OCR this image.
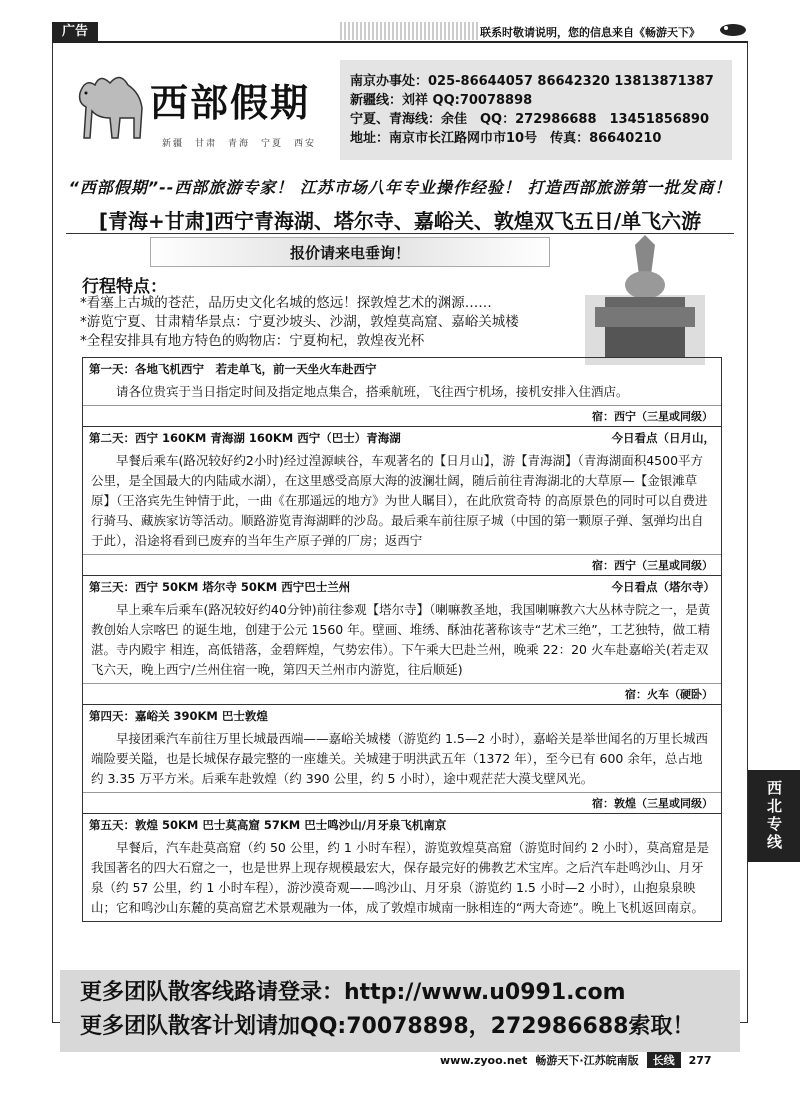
广告	联系时敬请说明，您的信息来自《畅游天下》
西部假期
新疆　甘肃　青海　宁夏　西安
南京办事处：025-86644057 86642320 13813871387
新疆线：刘祥 QQ:70078898
宁夏、青海线：余佳　QQ：272986688　13451856890
地址：南京市长江路网巾市10号　传真：86640210
“西部假期”--西部旅游专家！ 江苏市场八年专业操作经验！ 打造西部旅游第一批发商！
[青海+甘肃]西宁青海湖、塔尔寺、嘉峪关、敦煌双飞五日/单飞六游
报价请来电垂询！
行程特点：
*看塞上古城的苍茫，品历史文化名城的悠远！探敦煌艺术的渊源……
*游览宁夏、甘肃精华景点：宁夏沙坡头、沙湖，敦煌莫高窟、嘉峪关城楼
*全程安排具有地方特色的购物店：宁夏枸杞，敦煌夜光杯
第一天：各地飞机西宁　若走单飞，前一天坐火车赴西宁
请各位贵宾于当日指定时间及指定地点集合，搭乘航班，飞往西宁机场，接机安排入住酒店。
宿：西宁（三星或同级）
第二天：西宁 160KM 青海湖 160KM 西宁（巴士）青海湖	今日看点（日月山，
早餐后乘车(路况较好约2小时)经过湟源峡谷，车观著名的【日月山】，游【青海湖】（青海湖面积4500平方公里，是全国最大的内陆咸水湖），在这里感受高原大海的波澜壮阔，随后前往青海湖北的大草原—【金银滩草原】（王洛宾先生钟情于此，一曲《在那遥远的地方》为世人瞩目），在此欣赏奇特 的高原景色的同时可以自费进行骑马、藏族家访等活动。顺路游览青海湖畔的沙岛。最后乘车前往原子城（中国的第一颗原子弹、氢弹均出自于此），沿途将看到已废弃的当年生产原子弹的厂房；返西宁
宿：西宁（三星或同级）
第三天：西宁 50KM 塔尔寺 50KM 西宁巴士兰州	今日看点（塔尔寺）
早上乘车后乘车(路况较好约40分钟)前往参观【塔尔寺】（喇嘛教圣地，我国喇嘛教六大丛林寺院之一，是黄教创始人宗喀巴 的诞生地，创建于公元 1560 年。壁画、堆绣、酥油花著称该寺“艺术三绝”，工艺独特，做工精湛。寺内殿宇 相连，高低错落，金碧辉煌，气势宏伟）。下午乘大巴赴兰州，晚乘 22：20 火车赴嘉峪关(若走双飞六天，晚上西宁/兰州住宿一晚，第四天兰州市内游览，往后顺延)
宿：火车（硬卧）
第四天：嘉峪关 390KM 巴士敦煌
早接团乘汽车前往万里长城最西端——嘉峪关城楼（游览约 1.5—2 小时），嘉峪关是举世闻名的万里长城西端险要关隘，也是长城保存最完整的一座雄关。关城建于明洪武五年（1372 年），至今已有 600 余年，总占地约 3.35 万平方米。后乘车赴敦煌（约 390 公里，约 5 小时），途中观茫茫大漠戈壁风光。
宿：敦煌（三星或同级）
第五天：敦煌 50KM 巴士莫高窟 57KM 巴士鸣沙山/月牙泉飞机南京
早餐后，汽车赴莫高窟（约 50 公里，约 1 小时车程），游览敦煌莫高窟（游览时间约 2 小时），莫高窟是是我国著名的四大石窟之一，也是世界上现存规模最宏大，保存最完好的佛教艺术宝库。之后汽车赴鸣沙山、月牙泉（约 57 公里，约 1 小时车程），游沙漠奇观——鸣沙山、月牙泉（游览约 1.5 小时—2 小时），山抱泉泉映山；它和鸣沙山东麓的莫高窟艺术景观融为一体，成了敦煌市城南一脉相连的“两大奇迹”。晚上飞机返回南京。
西北专线
更多团队散客线路请登录：http://www.u0991.com
更多团队散客计划请加QQ:70078898，272986688索取！
www.zyoo.net 畅游天下·江苏皖南版	长线	277
